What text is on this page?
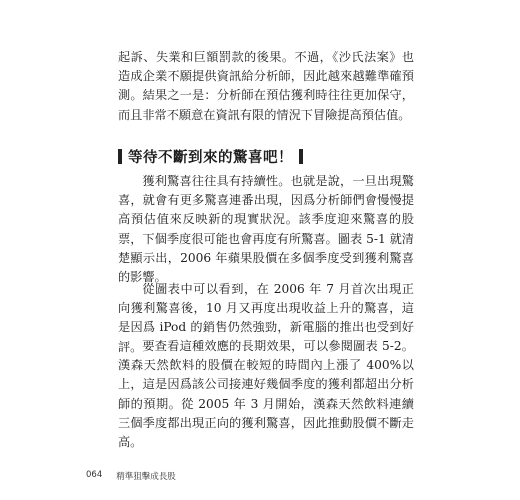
起訴、失業和巨額罰款的後果。不過，《沙氏法案》也造成企業不願提供資訊給分析師，因此越來越難準確預測。結果之一是：分析師在預估獲利時往往更加保守，而且非常不願意在資訊有限的情況下冒險提高預估值。

等待不斷到來的驚喜吧！

獲利驚喜往往具有持續性。也就是說，一旦出現驚喜，就會有更多驚喜連番出現，因爲分析師們會慢慢提高預估值來反映新的現實狀況。該季度迎來驚喜的股票，下個季度很可能也會再度有所驚喜。圖表 5-1 就清楚顯示出，2006 年蘋果股價在多個季度受到獲利驚喜的影響。

從圖表中可以看到，在 2006 年 7 月首次出現正向獲利驚喜後，10 月又再度出現收益上升的驚喜，這是因爲 iPod 的銷售仍然強勁，新電腦的推出也受到好評。 要查看這種效應的長期效果，可以參閱圖表 5-2。漢森天然飲料的股價在較短的時間內上漲了 400%以上，這是因爲該公司接連好幾個季度的獲利都超出分析師的預期。從 2005 年 3 月開始，漢森天然飲料連續三個季度都出現正向的獲利驚喜，因此推動股價不斷走高。

064 精準狙擊成長股
